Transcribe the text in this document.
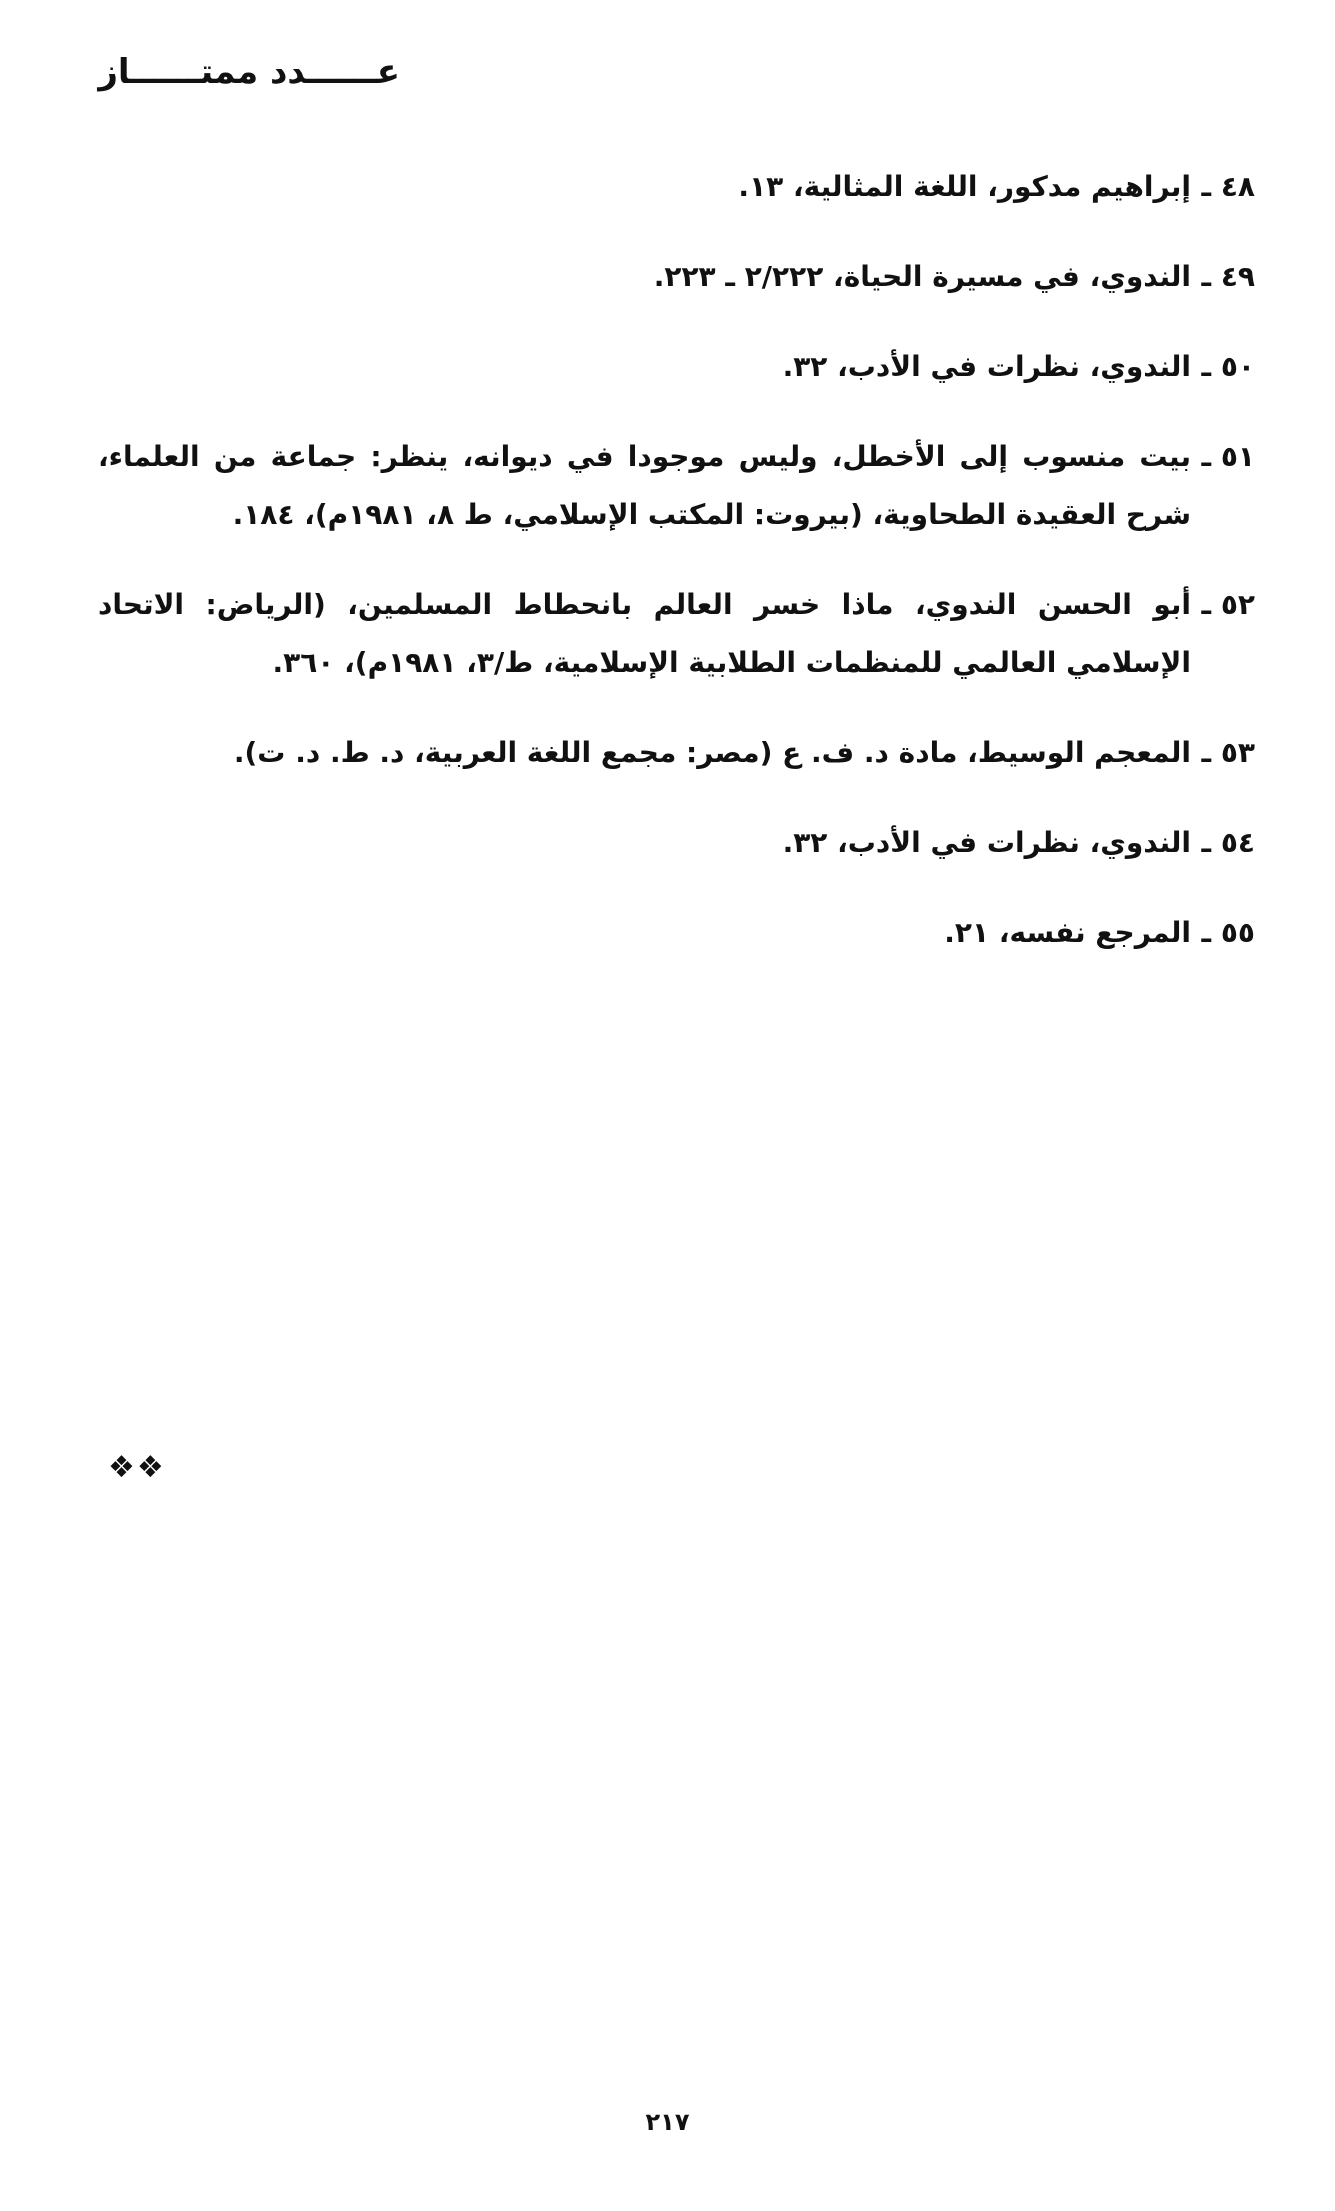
عــــــدد ممتــــــاز
٤٨ ـ
إبراهيم مدكور، اللغة المثالية، ١٣.
٤٩ ـ
الندوي، في مسيرة الحياة، ٢/٢٢٢ ـ ٢٢٣.
٥٠ ـ
الندوي، نظرات في الأدب، ٣٢.
٥١ ـ
بيت منسوب إلى الأخطل، وليس موجودا في ديوانه، ينظر: جماعة من العلماء، شرح العقيدة الطحاوية، (بيروت: المكتب الإسلامي، ط ٨، ١٩٨١م)، ١٨٤.
٥٢ ـ
أبو الحسن الندوي، ماذا خسر العالم بانحطاط المسلمين، (الرياض: الاتحاد الإسلامي العالمي للمنظمات الطلابية الإسلامية، ط/٣، ١٩٨١م)، ٣٦٠.
٥٣ ـ
المعجم الوسيط، مادة د. ف. ع (مصر: مجمع اللغة العربية، د. ط. د. ت).
٥٤ ـ
الندوي، نظرات في الأدب، ٣٢.
٥٥ ـ
المرجع نفسه، ٢١.
❖❖
٢١٧
